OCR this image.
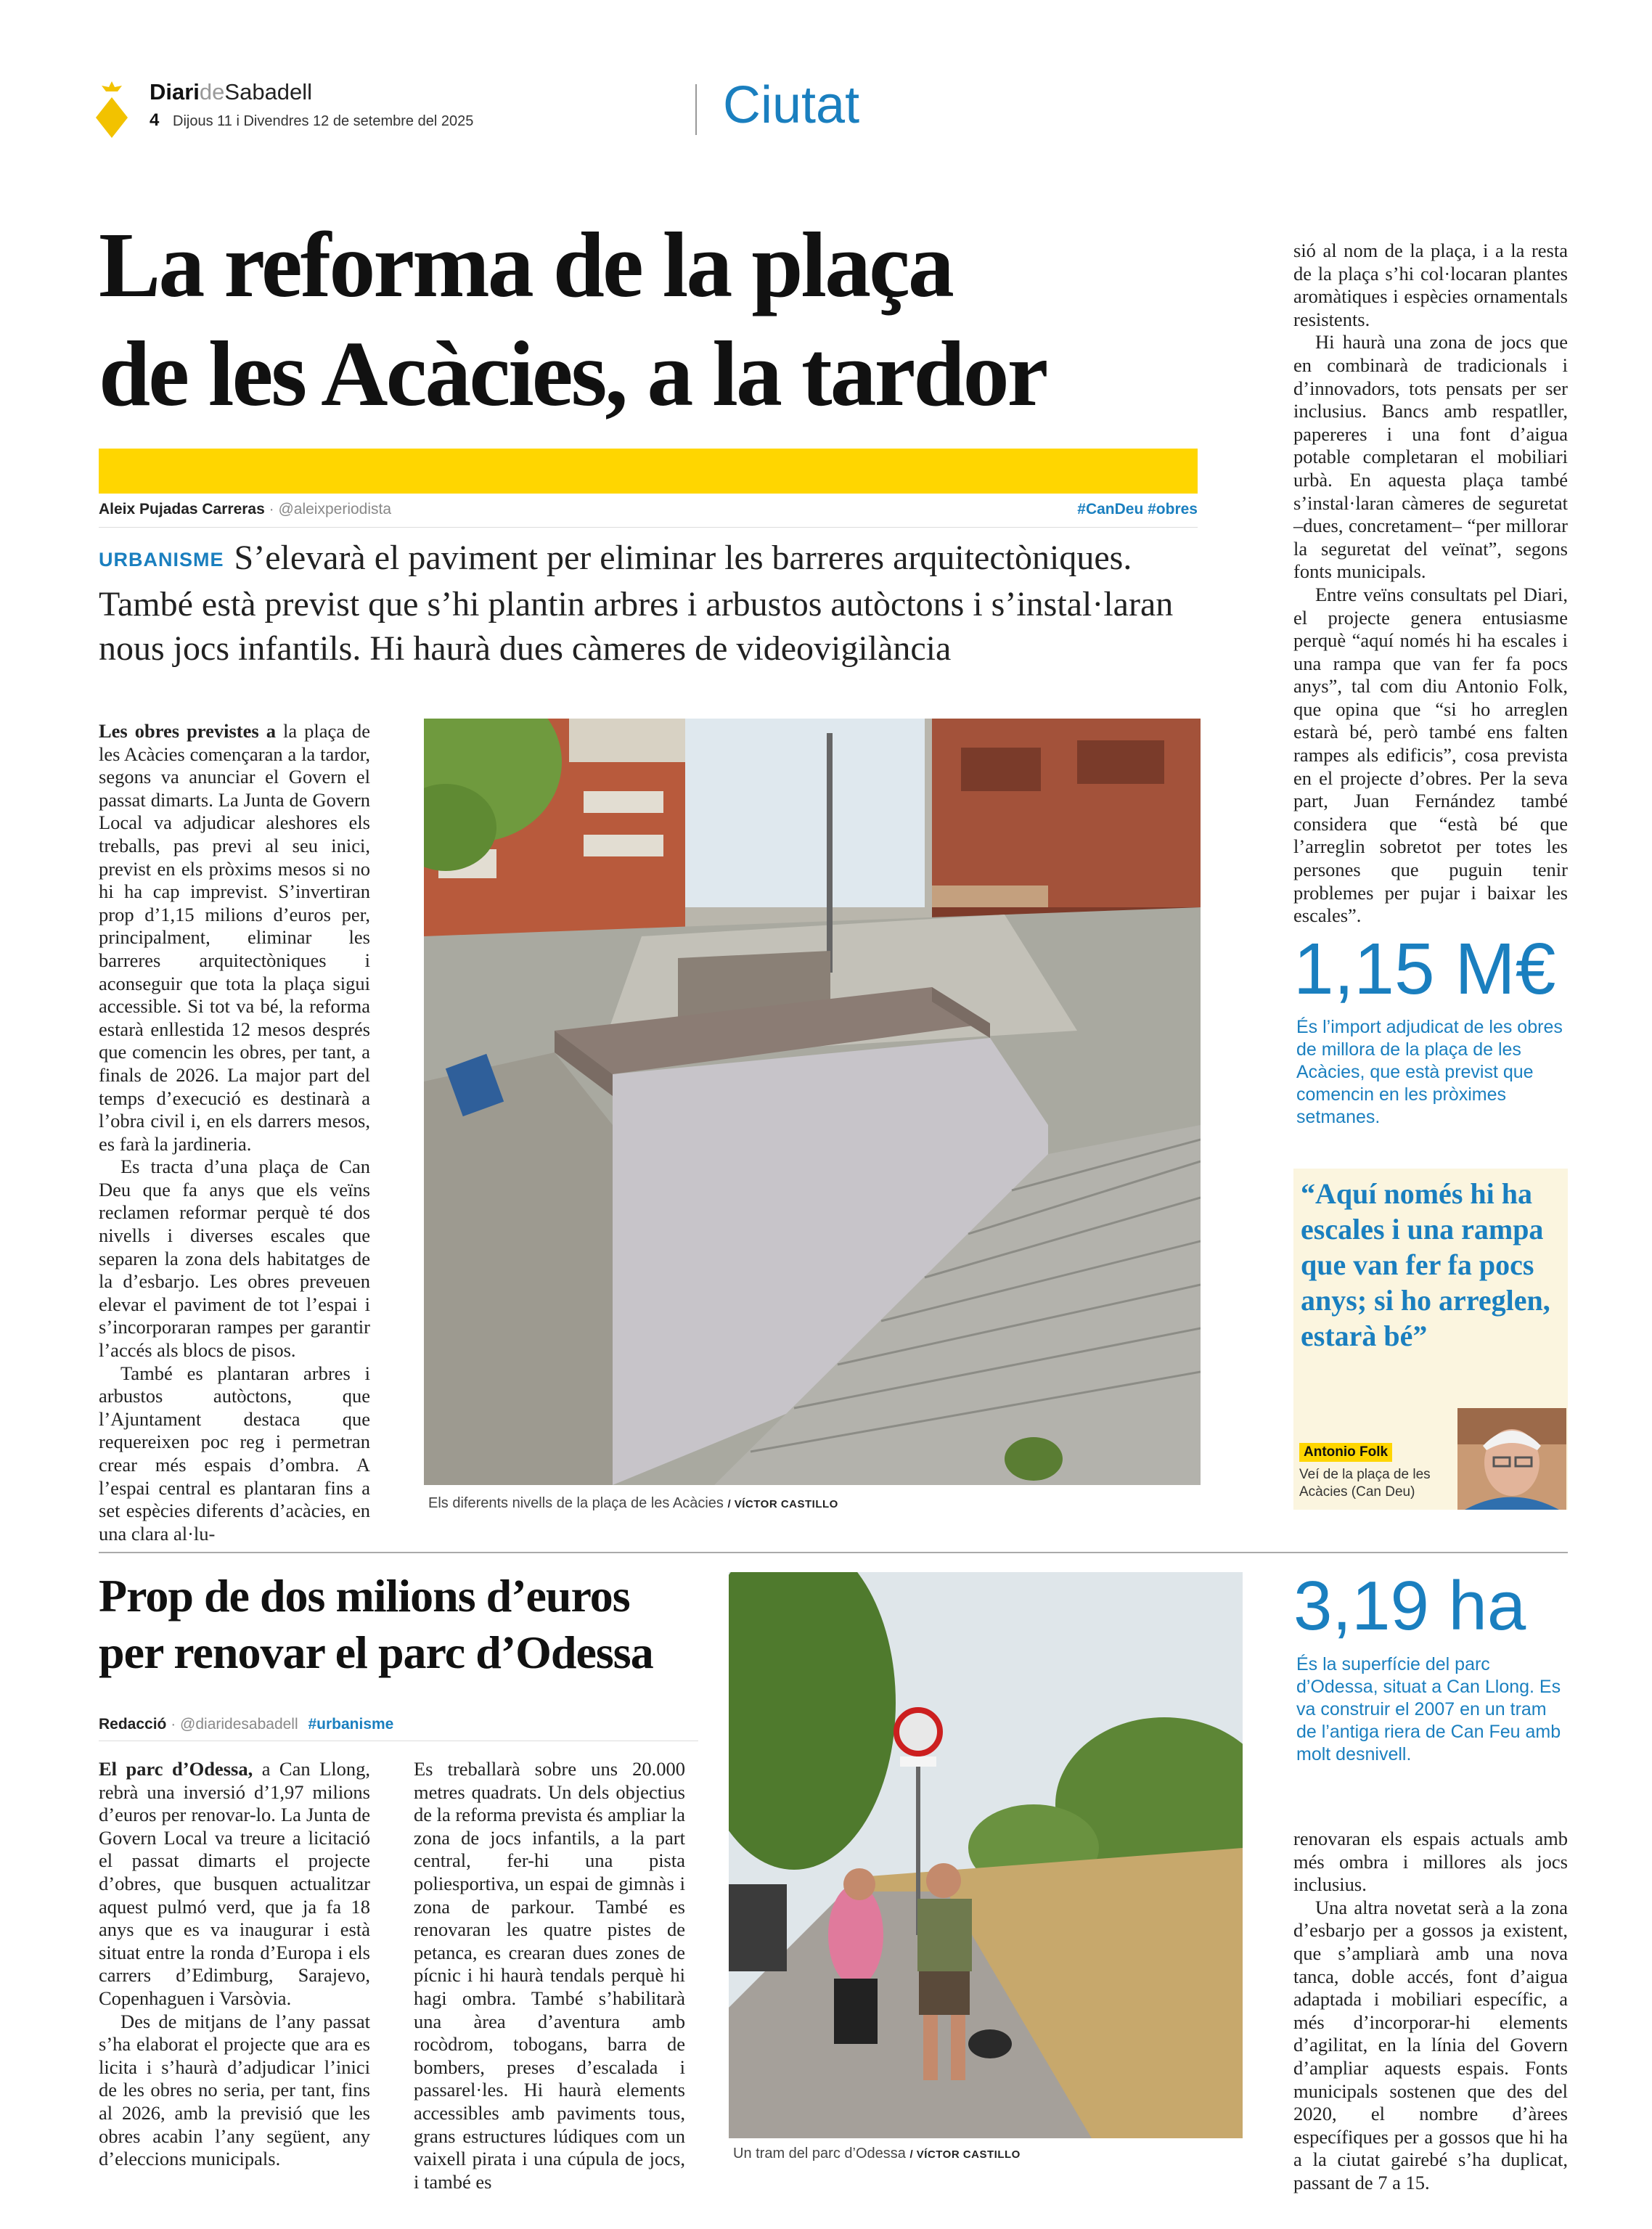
DiarideSabadell
4 Dijous 11 i Divendres 12 de setembre del 2025	Ciutat
La reforma de la plaça
de les Acàcies, a la tardor
Aleix Pujadas Carreras · @aleixperiodista	#CanDeu #obres
URBANISME S’elevarà el paviment per eliminar les barreres arquitectòniques. També està previst que s’hi plantin arbres i arbustos autòctons i s’instal·laran nous jocs infantils. Hi haurà dues càmeres de videovigilància

Les obres previstes a la plaça de les Acàcies començaran a la tardor, segons va anunciar el Govern el passat dimarts. La Junta de Govern Local va adjudicar aleshores els treballs, pas previ al seu inici, previst en els pròxims mesos si no hi ha cap imprevist. S’invertiran prop d’1,15 milions d’euros per, principalment, eliminar les barreres arquitectòniques i aconseguir que tota la plaça sigui accessible. Si tot va bé, la reforma estarà enllestida 12 mesos després que comencin les obres, per tant, a finals de 2026. La major part del temps d’execució es destinarà a l’obra civil i, en els darrers mesos, es farà la jardineria.

Es tracta d’una plaça de Can Deu que fa anys que els veïns reclamen reformar perquè té dos nivells i diverses escales que separen la zona dels habitatges de la d’esbarjo. Les obres preveuen elevar el paviment de tot l’espai i s’incorporaran rampes per garantir l’accés als blocs de pisos.

També es plantaran arbres i arbustos autòctons, que l’Ajuntament destaca que requereixen poc reg i permetran crear més espais d’ombra. A l’espai central es plantaran fins a set espècies diferents d’acàcies, en una clara al·lu-

Els diferents nivells de la plaça de les Acàcies / VÍCTOR CASTILLO

sió al nom de la plaça, i a la resta de la plaça s’hi col·locaran plantes aromàtiques i espècies ornamentals resistents.

Hi haurà una zona de jocs que en combinarà de tradicionals i d’innovadors, tots pensats per ser inclusius. Bancs amb respatller, papereres i una font d’aigua potable completaran el mobiliari urbà. En aquesta plaça també s’instal·laran càmeres de seguretat –dues, concretament– “per millorar la seguretat del veïnat”, segons fonts municipals.

Entre veïns consultats pel Diari, el projecte genera entusiasme perquè “aquí només hi ha escales i una rampa que van fer fa pocs anys”, tal com diu Antonio Folk, que opina que “si ho arreglen estarà bé, però també ens falten rampes als edificis”, cosa prevista en el projecte d’obres. Per la seva part, Juan Fernández també considera que “està bé que l’arreglin sobretot per totes les persones que puguin tenir problemes per pujar i baixar les escales”.

1,15 M€
És l’import adjudicat de les obres de millora de la plaça de les Acàcies, que està previst que comencin en les pròximes setmanes.
“Aquí només hi ha escales i una rampa que van fer fa pocs anys; si ho arreglen, estarà bé”
Antonio Folk
Veí de la plaça de les Acàcies (Can Deu)
Prop de dos milions d’euros
per renovar el parc d’Odessa
Redacció · @diaridesabadell #urbanisme

El parc d’Odessa, a Can Llong, rebrà una inversió d’1,97 milions d’euros per renovar-lo. La Junta de Govern Local va treure a licitació el passat dimarts el projecte d’obres, que busquen actualitzar aquest pulmó verd, que ja fa 18 anys que es va inaugurar i està situat entre la ronda d’Europa i els carrers d’Edimburg, Sarajevo, Copenhaguen i Varsòvia.

Des de mitjans de l’any passat s’ha elaborat el projecte que ara es licita i s’haurà d’adjudicar l’inici de les obres no seria, per tant, fins al 2026, amb la previsió que les obres acabin l’any següent, any d’eleccions municipals.

Es treballarà sobre uns 20.000 metres quadrats. Un dels objectius de la reforma prevista és ampliar la zona de jocs infantils, a la part central, fer-hi una pista poliesportiva, un espai de gimnàs i zona de parkour. També es renovaran les quatre pistes de petanca, es crearan dues zones de pícnic i hi haurà tendals perquè hi hagi ombra. També s’habilitarà una àrea d’aventura amb rocòdrom, tobogans, barra de bombers, preses d’escalada i passarel·les. Hi haurà elements accessibles amb paviments tous, grans estructures lúdiques com un vaixell pirata i una cúpula de jocs, i també es

Un tram del parc d’Odessa / VÍCTOR CASTILLO
3,19 ha
És la superfície del parc d’Odessa, situat a Can Llong. Es va construir el 2007 en un tram de l’antiga riera de Can Feu amb molt desnivell.

renovaran els espais actuals amb més ombra i millores als jocs inclusius.

Una altra novetat serà a la zona d’esbarjo per a gossos ja existent, que s’ampliarà amb una nova tanca, doble accés, font d’aigua adaptada i mobiliari específic, a més d’incorporar-hi elements d’agilitat, en la línia del Govern d’ampliar aquests espais. Fonts municipals sostenen que des del 2020, el nombre d’àrees específiques per a gossos que hi ha a la ciutat gairebé s’ha duplicat, passant de 7 a 15.
